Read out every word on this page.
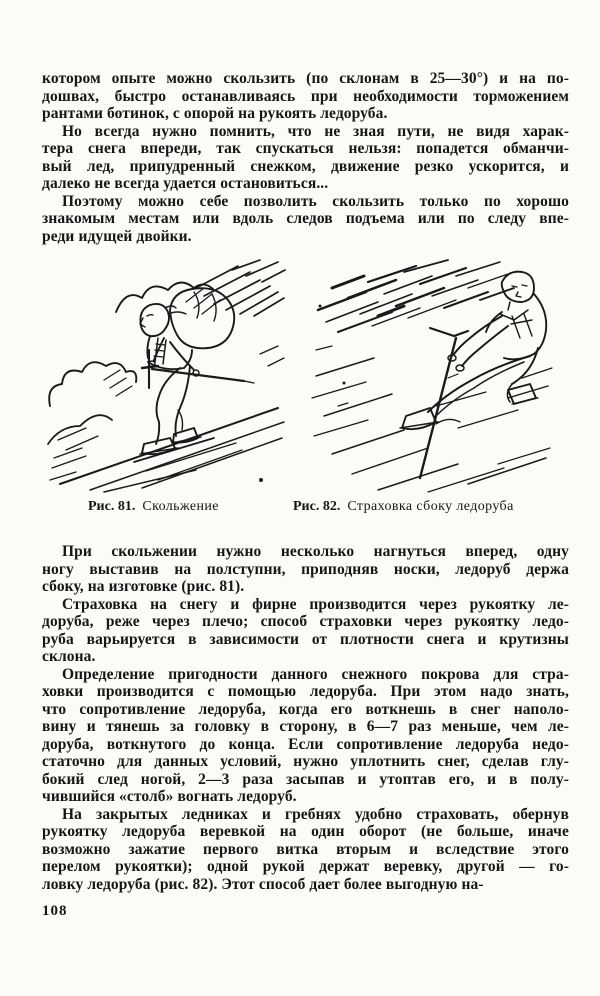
котором опыте можно скользить (по склонам в 25—30°) и на по-
дошвах, быстро останавливаясь при необходимости торможением
рантами ботинок, с опорой на рукоять ледоруба.
Но всегда нужно помнить, что не зная пути, не видя харак-
тера снега впереди, так спускаться нельзя: попадется обманчи-
вый лед, припудренный снежком, движение резко ускорится, и
далеко не всегда удается остановиться...
Поэтому можно себе позволить скользить только по хорошо
знакомым местам или вдоль следов подъема или по следу впе-
реди идущей двойки.
Рис. 81. Скольжение	Рис. 82. Страховка сбоку ледоруба
При скольжении нужно несколько нагнуться вперед, одну
ногу выставив на полступни, приподняв носки, ледоруб держа
сбоку, на изготовке (рис. 81).
Страховка на снегу и фирне производится через рукоятку ле-
доруба, реже через плечо; способ страховки через рукоятку ледо-
руба варьируется в зависимости от плотности снега и крутизны
склона.
Определение пригодности данного снежного покрова для стра-
ховки производится с помощью ледоруба. При этом надо знать,
что сопротивление ледоруба, когда его воткнешь в снег наполо-
вину и тянешь за головку в сторону, в 6—7 раз меньше, чем ле-
доруба, воткнутого до конца. Если сопротивление ледоруба недо-
статочно для данных условий, нужно уплотнить снег, сделав глу-
бокий след ногой, 2—3 раза засыпав и утоптав его, и в полу-
чившийся «столб» вогнать ледоруб.
На закрытых ледниках и гребнях удобно страховать, обернув
рукоятку ледоруба веревкой на один оборот (не больше, иначе
возможно зажатие первого витка вторым и вследствие этого
перелом рукоятки); одной рукой держат веревку, другой — го-
ловку ледоруба (рис. 82). Этот способ дает более выгодную на-
108
